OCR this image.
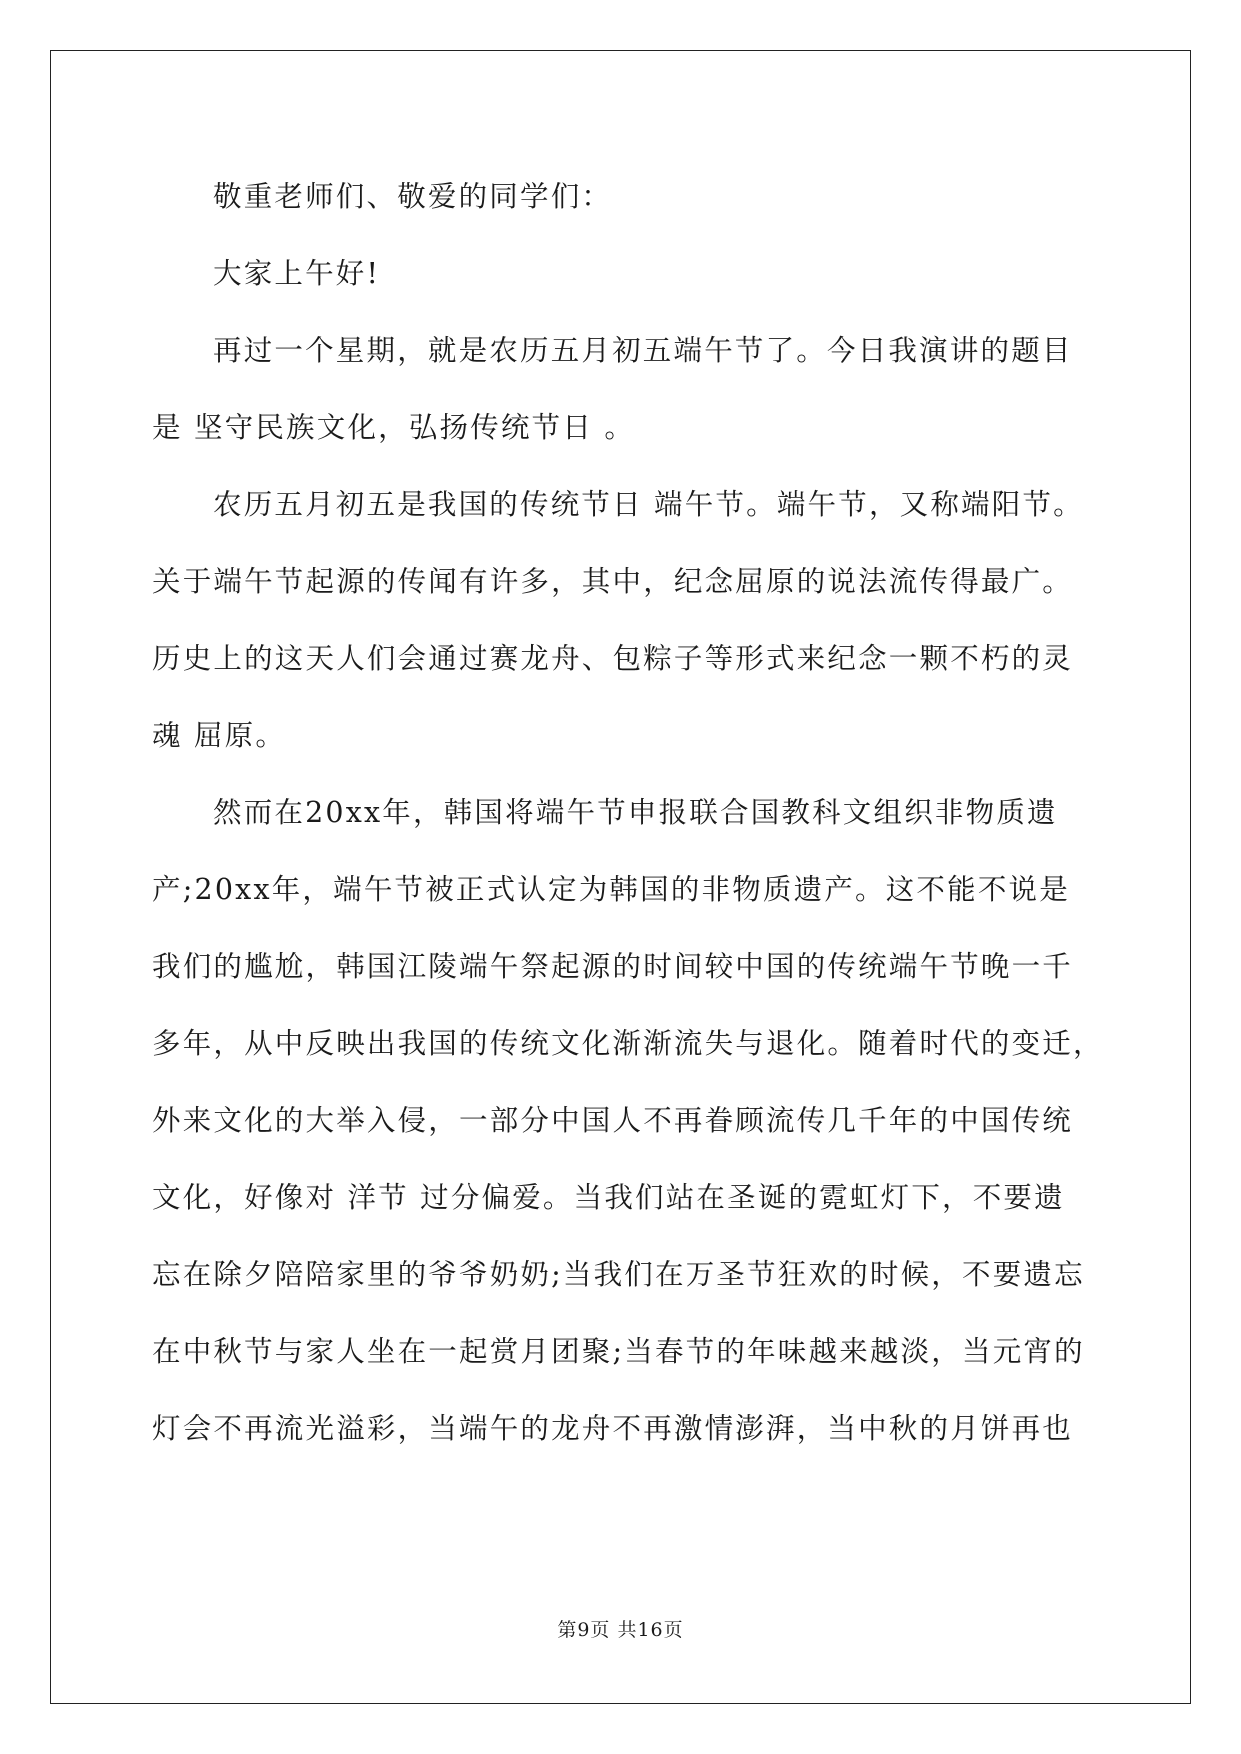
敬重老师们、敬爱的同学们：
大家上午好!
再过一个星期，就是农历五月初五端午节了。今日我演讲的题目
是 坚守民族文化，弘扬传统节日 。
农历五月初五是我国的传统节日 端午节。端午节，又称端阳节。
关于端午节起源的传闻有许多，其中，纪念屈原的说法流传得最广。
历史上的这天人们会通过赛龙舟、包粽子等形式来纪念一颗不朽的灵
魂 屈原。
然而在20xx年，韩国将端午节申报联合国教科文组织非物质遗
产;20xx年，端午节被正式认定为韩国的非物质遗产。这不能不说是
我们的尴尬，韩国江陵端午祭起源的时间较中国的传统端午节晚一千
多年，从中反映出我国的传统文化渐渐流失与退化。随着时代的变迁，
外来文化的大举入侵，一部分中国人不再眷顾流传几千年的中国传统
文化，好像对 洋节 过分偏爱。当我们站在圣诞的霓虹灯下，不要遗
忘在除夕陪陪家里的爷爷奶奶;当我们在万圣节狂欢的时候，不要遗忘
在中秋节与家人坐在一起赏月团聚;当春节的年味越来越淡，当元宵的
灯会不再流光溢彩，当端午的龙舟不再激情澎湃，当中秋的月饼再也
第9页 共16页
